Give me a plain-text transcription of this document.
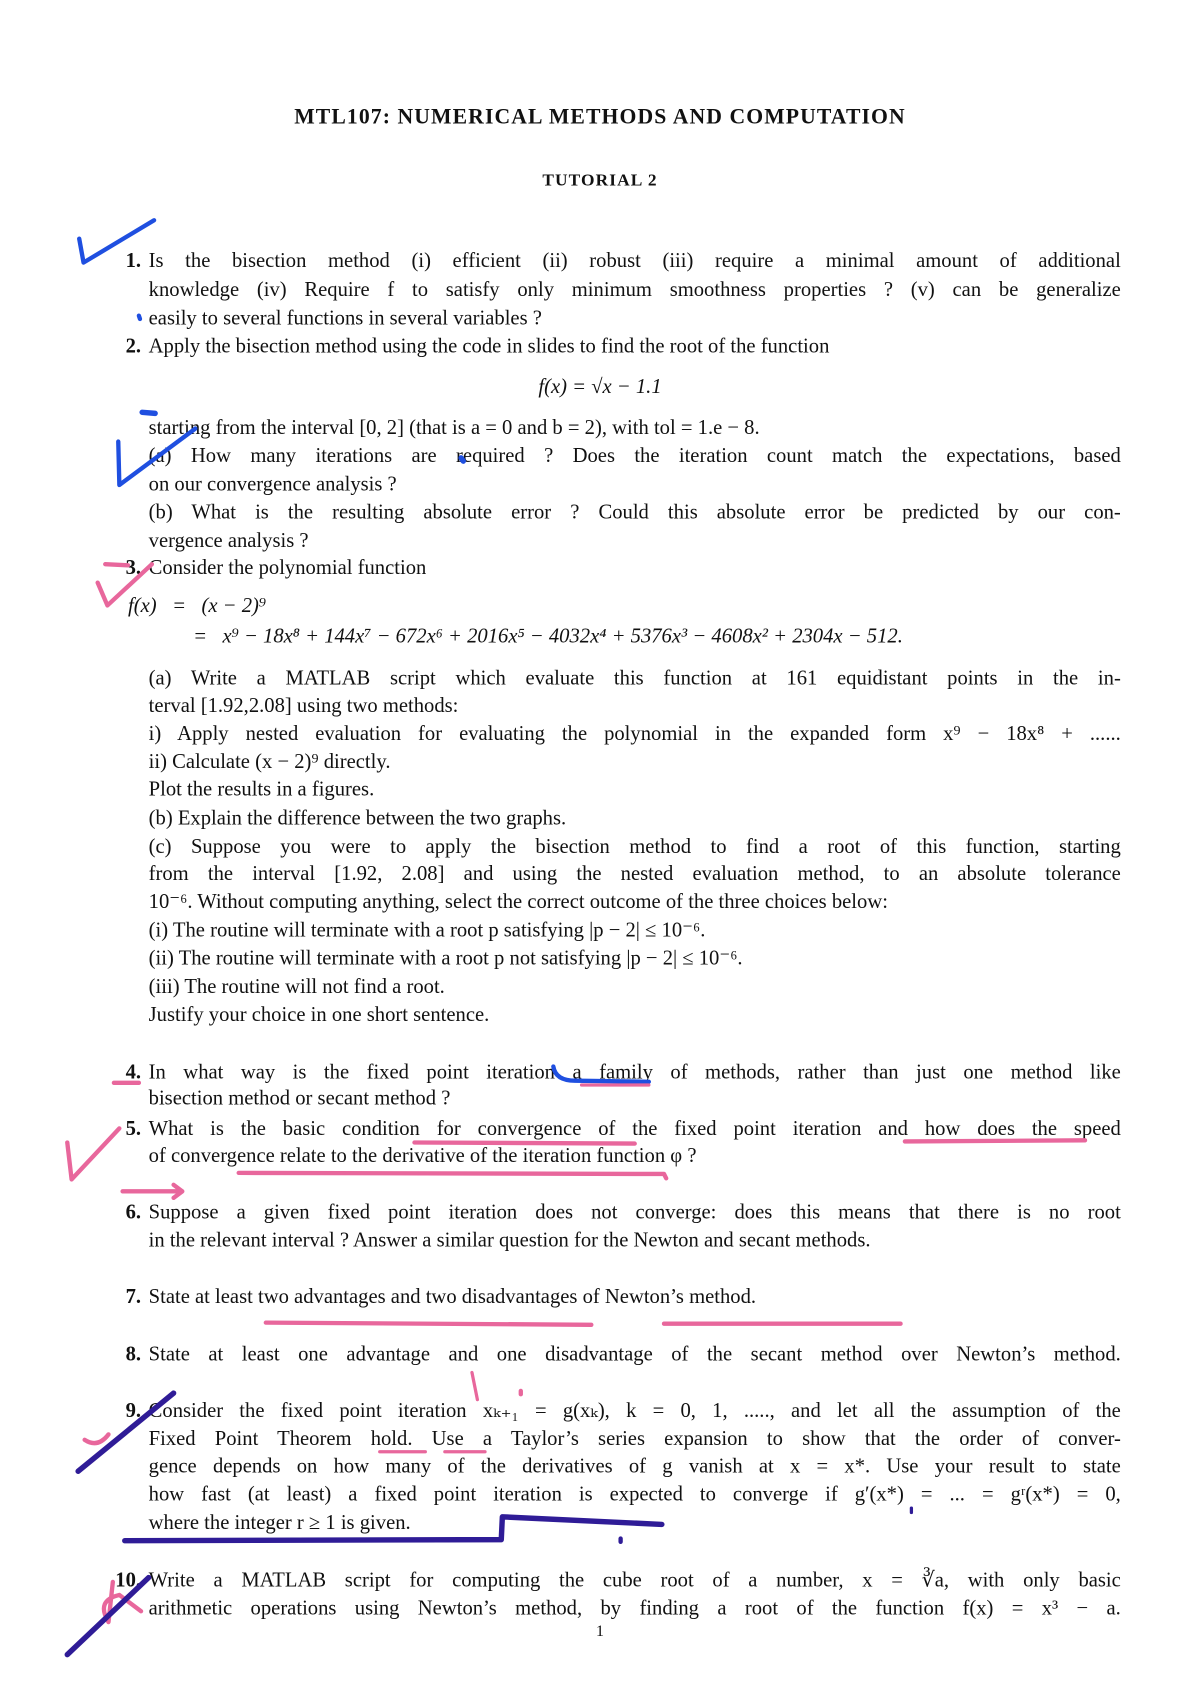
MTL107: NUMERICAL METHODS AND COMPUTATION
TUTORIAL 2
1. Is the bisection method (i) efficient (ii) robust (iii) require a minimal amount of additional
knowledge (iv) Require f to satisfy only minimum smoothness properties ? (v) can be generalize
easily to several functions in several variables ?
2. Apply the bisection method using the code in slides to find the root of the function
f(x) = √x − 1.1
starting from the interval [0, 2] (that is a = 0 and b = 2), with tol = 1.e − 8.
(a) How many iterations are required ? Does the iteration count match the expectations, based
on our convergence analysis ?
(b) What is the resulting absolute error ? Could this absolute error be predicted by our con-
vergence analysis ?
3. Consider the polynomial function
f(x)   =   (x − 2)⁹
=   x⁹ − 18x⁸ + 144x⁷ − 672x⁶ + 2016x⁵ − 4032x⁴ + 5376x³ − 4608x² + 2304x − 512.
(a) Write a MATLAB script which evaluate this function at 161 equidistant points in the in-
terval [1.92,2.08] using two methods:
i) Apply nested evaluation for evaluating the polynomial in the expanded form x⁹ − 18x⁸ + ......
ii) Calculate (x − 2)⁹ directly.
Plot the results in a figures.
(b) Explain the difference between the two graphs.
(c) Suppose you were to apply the bisection method to find a root of this function, starting
from the interval [1.92, 2.08] and using the nested evaluation method, to an absolute tolerance
10⁻⁶. Without computing anything, select the correct outcome of the three choices below:
(i) The routine will terminate with a root p satisfying |p − 2| ≤ 10⁻⁶.
(ii) The routine will terminate with a root p not satisfying |p − 2| ≤ 10⁻⁶.
(iii) The routine will not find a root.
Justify your choice in one short sentence.
4. In what way is the fixed point iteration a family of methods, rather than just one method like
bisection method or secant method ?
5. What is the basic condition for convergence of the fixed point iteration and how does the speed
of convergence relate to the derivative of the iteration function φ ?
6. Suppose a given fixed point iteration does not converge: does this means that there is no root
in the relevant interval ? Answer a similar question for the Newton and secant methods.
7. State at least two advantages and two disadvantages of Newton’s method.
8. State at least one advantage and one disadvantage of the secant method over Newton’s method.
9. Consider the fixed point iteration xₖ₊₁ = g(xₖ), k = 0, 1, ....., and let all the assumption of the
Fixed Point Theorem hold. Use a Taylor’s series expansion to show that the order of conver-
gence depends on how many of the derivatives of g vanish at x = x*. Use your result to state
how fast (at least) a fixed point iteration is expected to converge if g′(x*) = ... = gʳ(x*) = 0,
where the integer r ≥ 1 is given.
10. Write a MATLAB script for computing the cube root of a number, x = ∛a, with only basic
arithmetic operations using Newton’s method, by finding a root of the function f(x) = x³ − a.
1
